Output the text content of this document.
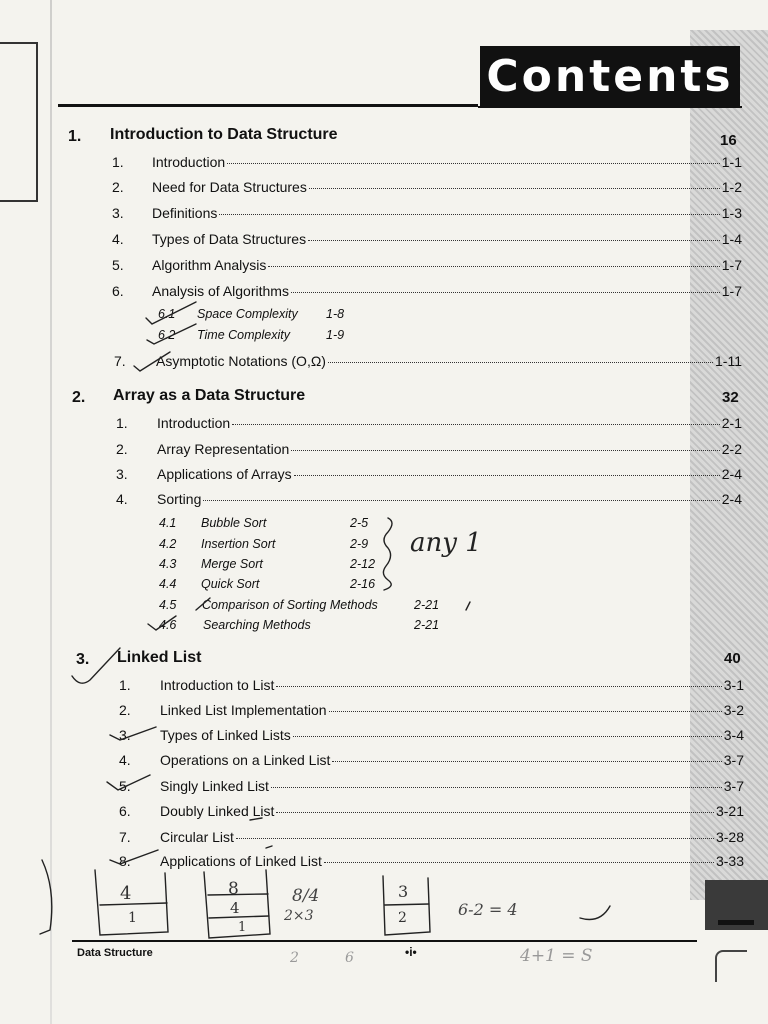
Contents
1. Introduction to Data Structure	16
1. Introduction	1-1
2. Need for Data Structures	1-2
3. Definitions	1-3
4. Types of Data Structures	1-4
5. Algorithm Analysis	1-7
6. Analysis of Algorithms	1-7
6.1 Space Complexity 1-8
6.2 Time Complexity	1-9
7. Asymptotic Notations (O,Ω)	1-11
2. Array as a Data Structure	32
1. Introduction	2-1
2. Array Representation	2-2
3. Applications of Arrays	2-4
4. Sorting	2-4
4.1 Bubble Sort	2-5
4.2 Insertion Sort	2-9
4.3 Merge Sort	2-12
4.4 Quick Sort	2-16
4.5 Comparison of Sorting Methods	2-21
4.6 Searching Methods	2-21
3. Linked List	40
1. Introduction to List	3-1
2. Linked List Implementation	3-2
3. Types of Linked Lists	3-4
4. Operations on a Linked List	3-7
5. Singly Linked List	3-7
6. Doubly Linked List	3-21
7. Circular List	3-28
8. Applications of Linked List	3-33
any 1
4
1
8
4
1
8/4
2×3
3
2	6-2 = 4
2	6	4+1 = S
Data Structure	•i•
